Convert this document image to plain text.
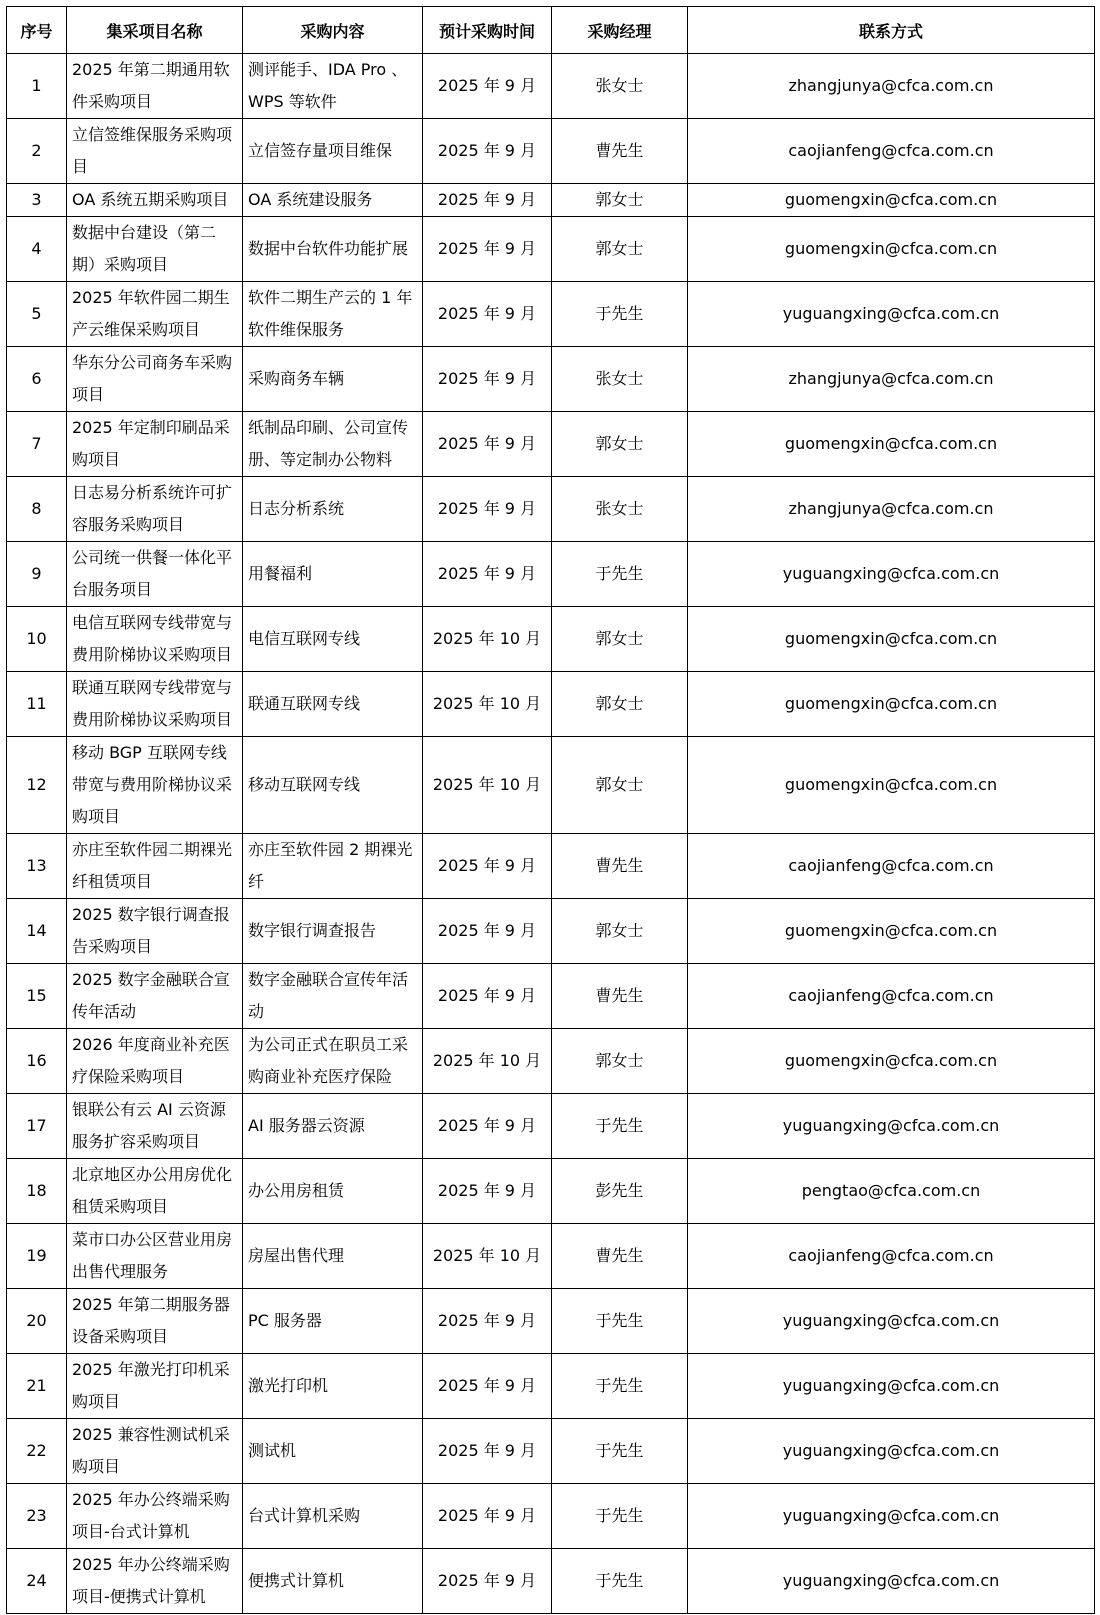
序号	集采项目名称	采购内容	预计采购时间	采购经理	联系方式
1	2025 年第二期通用软件采购项目	测评能手、IDA Pro 、WPS 等软件	2025 年 9 月	张女士	zhangjunya@cfca.com.cn
2	立信签维保服务采购项目	立信签存量项目维保	2025 年 9 月	曹先生	caojianfeng@cfca.com.cn
3	OA 系统五期采购项目	OA 系统建设服务	2025 年 9 月	郭女士	guomengxin@cfca.com.cn
4	数据中台建设（第二期）采购项目	数据中台软件功能扩展	2025 年 9 月	郭女士	guomengxin@cfca.com.cn
5	2025 年软件园二期生产云维保采购项目	软件二期生产云的 1 年软件维保服务	2025 年 9 月	于先生	yuguangxing@cfca.com.cn
6	华东分公司商务车采购项目	采购商务车辆	2025 年 9 月	张女士	zhangjunya@cfca.com.cn
7	2025 年定制印刷品采购项目	纸制品印刷、公司宣传册、等定制办公物料	2025 年 9 月	郭女士	guomengxin@cfca.com.cn
8	日志易分析系统许可扩容服务采购项目	日志分析系统	2025 年 9 月	张女士	zhangjunya@cfca.com.cn
9	公司统一供餐一体化平台服务项目	用餐福利	2025 年 9 月	于先生	yuguangxing@cfca.com.cn
10	电信互联网专线带宽与费用阶梯协议采购项目	电信互联网专线	2025 年 10 月	郭女士	guomengxin@cfca.com.cn
11	联通互联网专线带宽与费用阶梯协议采购项目	联通互联网专线	2025 年 10 月	郭女士	guomengxin@cfca.com.cn
12	移动 BGP 互联网专线带宽与费用阶梯协议采购项目	移动互联网专线	2025 年 10 月	郭女士	guomengxin@cfca.com.cn
13	亦庄至软件园二期裸光纤租赁项目	亦庄至软件园 2 期裸光纤	2025 年 9 月	曹先生	caojianfeng@cfca.com.cn
14	2025 数字银行调查报告采购项目	数字银行调查报告	2025 年 9 月	郭女士	guomengxin@cfca.com.cn
15	2025 数字金融联合宣传年活动	数字金融联合宣传年活动	2025 年 9 月	曹先生	caojianfeng@cfca.com.cn
16	2026 年度商业补充医疗保险采购项目	为公司正式在职员工采购商业补充医疗保险	2025 年 10 月	郭女士	guomengxin@cfca.com.cn
17	银联公有云 AI 云资源服务扩容采购项目	AI 服务器云资源	2025 年 9 月	于先生	yuguangxing@cfca.com.cn
18	北京地区办公用房优化租赁采购项目	办公用房租赁	2025 年 9 月	彭先生	pengtao@cfca.com.cn
19	菜市口办公区营业用房出售代理服务	房屋出售代理	2025 年 10 月	曹先生	caojianfeng@cfca.com.cn
20	2025 年第二期服务器设备采购项目	PC 服务器	2025 年 9 月	于先生	yuguangxing@cfca.com.cn
21	2025 年激光打印机采购项目	激光打印机	2025 年 9 月	于先生	yuguangxing@cfca.com.cn
22	2025 兼容性测试机采购项目	测试机	2025 年 9 月	于先生	yuguangxing@cfca.com.cn
23	2025 年办公终端采购项目-台式计算机	台式计算机采购	2025 年 9 月	于先生	yuguangxing@cfca.com.cn
24	2025 年办公终端采购项目-便携式计算机	便携式计算机	2025 年 9 月	于先生	yuguangxing@cfca.com.cn
